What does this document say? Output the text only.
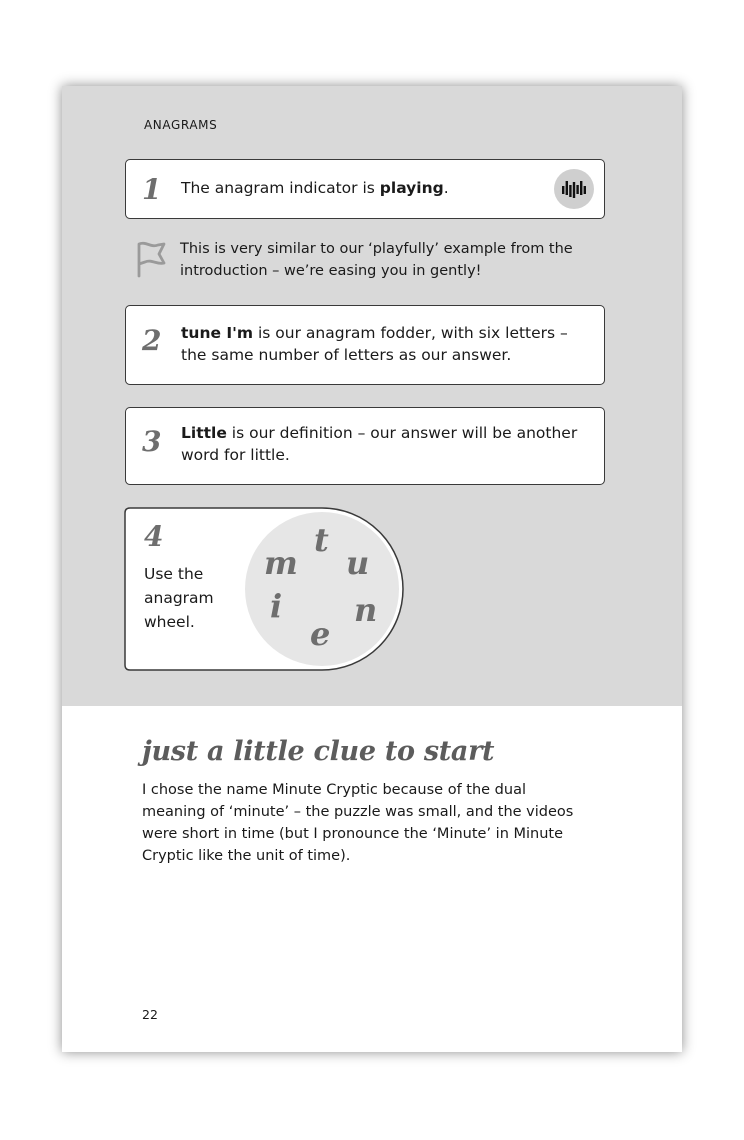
ANAGRAMS
1 The anagram indicator is playing.
This is very similar to our ‘playfully’ example from the
introduction – we’re easing you in gently!
2 tune I'm is our anagram fodder, with six letters –
the same number of letters as our answer.
3 Little is our definition – our answer will be another
word for little.
4
Use the
anagram
wheel.
t
m u
i n
e
just a little clue to start
I chose the name Minute Cryptic because of the dual
meaning of ‘minute’ – the puzzle was small, and the videos
were short in time (but I pronounce the ‘Minute’ in Minute
Cryptic like the unit of time).
22
